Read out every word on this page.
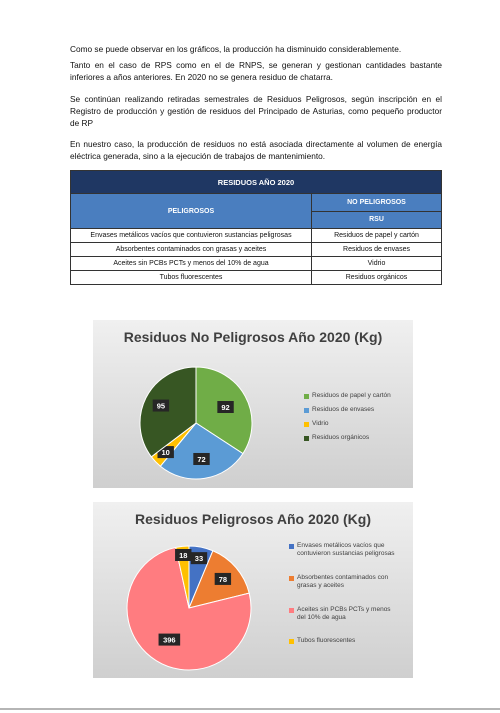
Como se puede observar en los gráficos, la producción ha disminuido considerablemente.

Tanto en el caso de RPS como en el de RNPS, se generan y gestionan cantidades bastante inferiores a años anteriores. En 2020 no se genera residuo de chatarra.

Se continúan realizando retiradas semestrales de Residuos Peligrosos, según inscripción en el Registro de producción y gestión de residuos del Principado de Asturias, como pequeño productor de RP

En nuestro caso, la producción de residuos no está asociada directamente al volumen de energía eléctrica generada, sino a la ejecución de trabajos de mantenimiento.

RESIDUOS AÑO 2020	
PELIGROSOS	NO PELIGROSOS
	RSU
Envases metálicos vacíos que contuvieron sustancias peligrosas	Residuos de papel y cartón
Absorbentes contaminados con grasas y aceites	Residuos de envases
Aceites sin PCBs PCTs y menos del 10% de agua	Vidrio
Tubos fluorescentes	Residuos orgánicos
92
72
10
95

Residuos No Peligrosos Año 2020 (Kg)

Residuos de papel y cartón
Residuos de envases
Vidrio
Residuos orgánicos
33
78
396
18

Residuos Peligrosos Año 2020 (Kg)

Envases metálicos vacíos que contuvieron sustancias peligrosas
Absorbentes contaminados con grasas y aceites
Aceites sin PCBs PCTs y menos del 10% de agua
Tubos fluorescentes
